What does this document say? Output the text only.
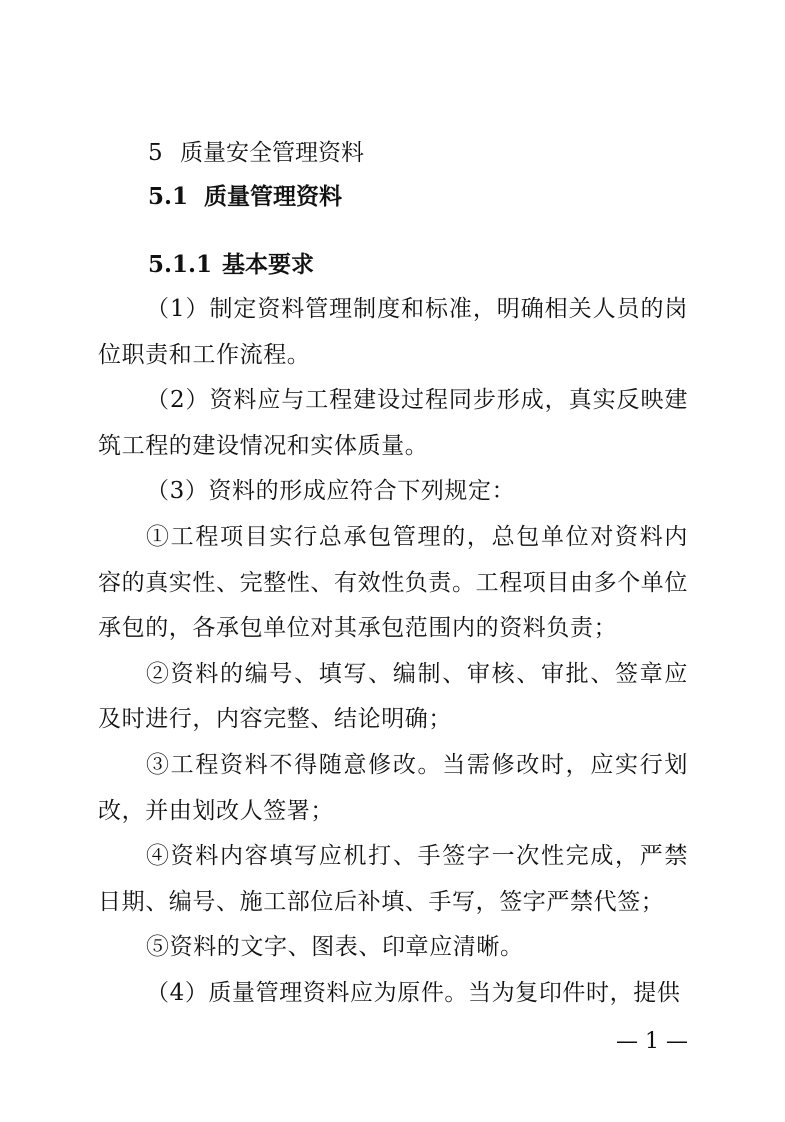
5 质量安全管理资料
5.1 质量管理资料
5.1.1 基本要求

（1）制定资料管理制度和标准，明确相关人员的岗位职责和工作流程。

（2）资料应与工程建设过程同步形成，真实反映建筑工程的建设情况和实体质量。

（3）资料的形成应符合下列规定：

①工程项目实行总承包管理的，总包单位对资料内容的真实性、完整性、有效性负责。工程项目由多个单位承包的，各承包单位对其承包范围内的资料负责；

②资料的编号、填写、编制、审核、审批、签章应及时进行，内容完整、结论明确；

③工程资料不得随意修改。当需修改时，应实行划改，并由划改人签署；

④资料内容填写应机打、手签字一次性完成，严禁日期、编号、施工部位后补填、手写，签字严禁代签；

⑤资料的文字、图表、印章应清晰。

（4）质量管理资料应为原件。当为复印件时，提供

— 1 —
